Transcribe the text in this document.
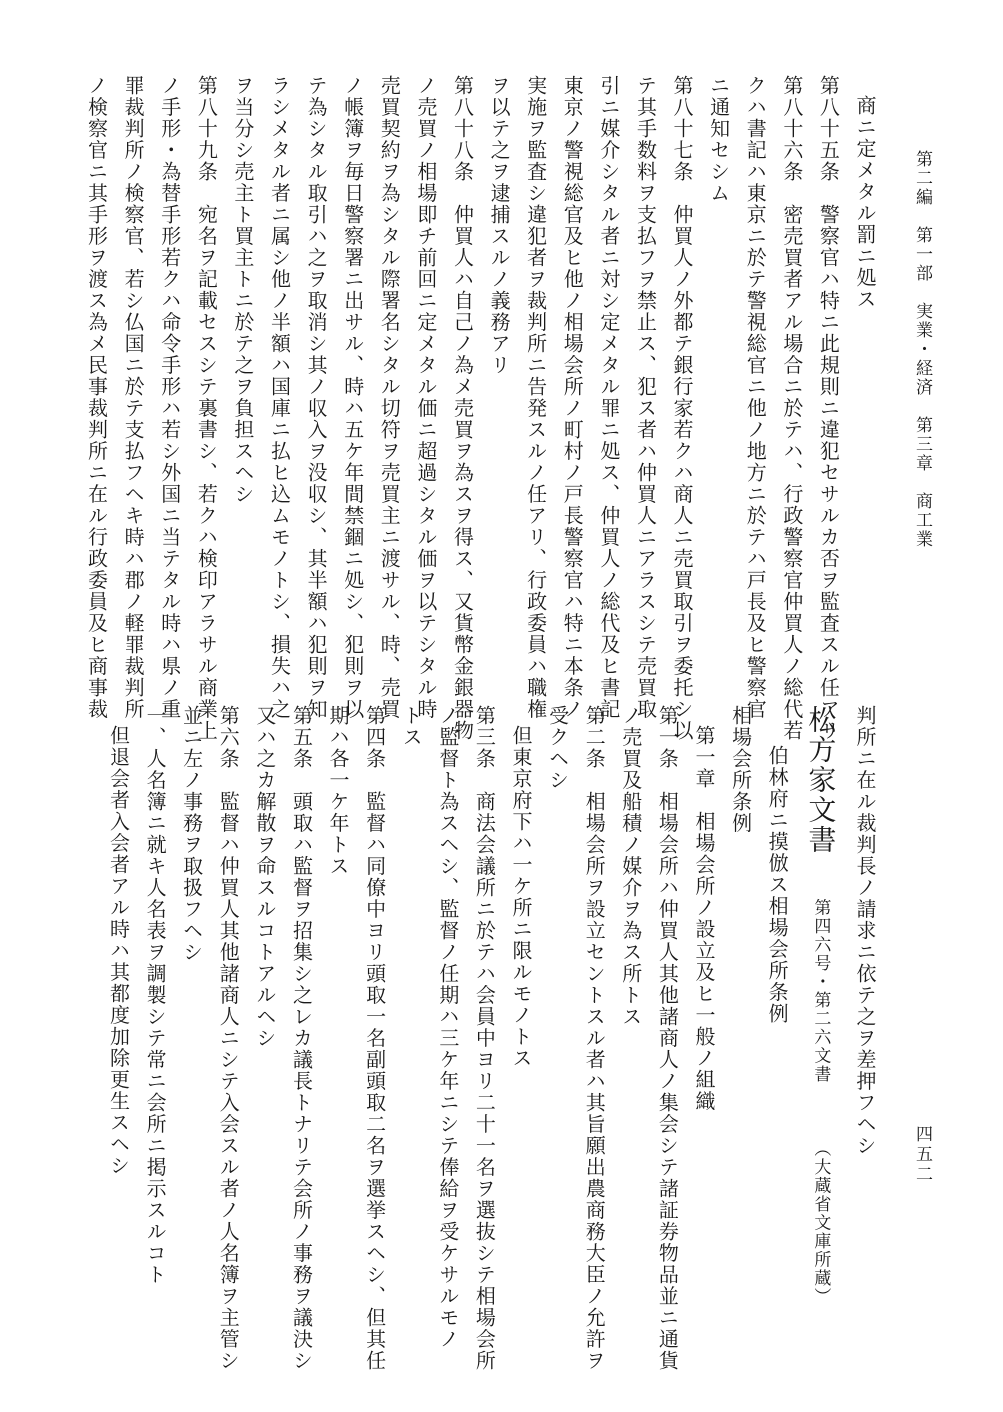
第二編　第一部　実業・経済　第三章　商工業
四五二
商ニ定メタル罰ニ処ス
第八十五条　警察官ハ特ニ此規則ニ違犯セサルカ否ヲ監査スル任アリ
第八十六条　密売買者アル場合ニ於テハ、行政警察官仲買人ノ総代若
クハ書記ハ東京ニ於テ警視総官ニ他ノ地方ニ於テハ戸長及ヒ警察官
ニ通知セシム
第八十七条　仲買人ノ外都テ銀行家若クハ商人ニ売買取引ヲ委托シ以
テ其手数料ヲ支払フヲ禁止ス、犯ス者ハ仲買人ニアラスシテ売買取
引ニ媒介シタル者ニ対シ定メタル罪ニ処ス、仲買人ノ総代及ヒ書記
東京ノ警視総官及ヒ他ノ相場会所ノ町村ノ戸長警察官ハ特ニ本条ノ
実施ヲ監査シ違犯者ヲ裁判所ニ告発スルノ任アリ、行政委員ハ職権
ヲ以テ之ヲ逮捕スルノ義務アリ
第八十八条　仲買人ハ自己ノ為メ売買ヲ為スヲ得ス、又貨幣金銀器物
ノ売買ノ相場即チ前回ニ定メタル価ニ超過シタル価ヲ以テシタル時
売買契約ヲ為シタル際署名シタル切符ヲ売買主ニ渡サル、時、売買
ノ帳簿ヲ毎日警察署ニ出サル、時ハ五ケ年間禁錮ニ処シ、犯則ヲ以
テ為シタル取引ハ之ヲ取消シ其ノ収入ヲ没収シ、其半額ハ犯則ヲ知
ラシメタル者ニ属シ他ノ半額ハ国庫ニ払ヒ込ムモノトシ、損失ハ之
ヲ当分シ売主ト買主トニ於テ之ヲ負担スヘシ
第八十九条　宛名ヲ記載セスシテ裏書シ、若クハ検印アラサル商業上
ノ手形・為替手形若クハ命令手形ハ若シ外国ニ当テタル時ハ県ノ重
罪裁判所ノ検察官、若シ仏国ニ於テ支払フヘキ時ハ郡ノ軽罪裁判所
ノ検察官ニ其手形ヲ渡ス為メ民事裁判所ニ在ル行政委員及ヒ商事裁
判所ニ在ル裁判長ノ請求ニ依テ之ヲ差押フヘシ
松方家文書  第四六号・第二六文書  （大蔵省文庫所蔵）
伯林府ニ摸倣ス相場会所条例
相場会所条例
第一章　相場会所ノ設立及ヒ一般ノ組織
第一条　相場会所ハ仲買人其他諸商人ノ集会シテ諸証券物品並ニ通貨
ノ売買及船積ノ媒介ヲ為ス所トス
第二条　相場会所ヲ設立セントスル者ハ其旨願出農商務大臣ノ允許ヲ
受クヘシ
但東京府下ハ一ケ所ニ限ルモノトス
第三条　商法会議所ニ於テハ会員中ヨリ二十一名ヲ選抜シテ相場会所
ノ監督ト為スヘシ、監督ノ任期ハ三ケ年ニシテ俸給ヲ受ケサルモノ
トス
第四条　監督ハ同僚中ヨリ頭取一名副頭取二名ヲ選挙スヘシ、但其任
期ハ各一ケ年トス
第五条　頭取ハ監督ヲ招集シ之レカ議長トナリテ会所ノ事務ヲ議決シ
又ハ之カ解散ヲ命スルコトアルヘシ
第六条　監督ハ仲買人其他諸商人ニシテ入会スル者ノ人名簿ヲ主管シ
並ニ左ノ事務ヲ取扱フヘシ
一、人名簿ニ就キ人名表ヲ調製シテ常ニ会所ニ掲示スルコト
但退会者入会者アル時ハ其都度加除更生スヘシ
